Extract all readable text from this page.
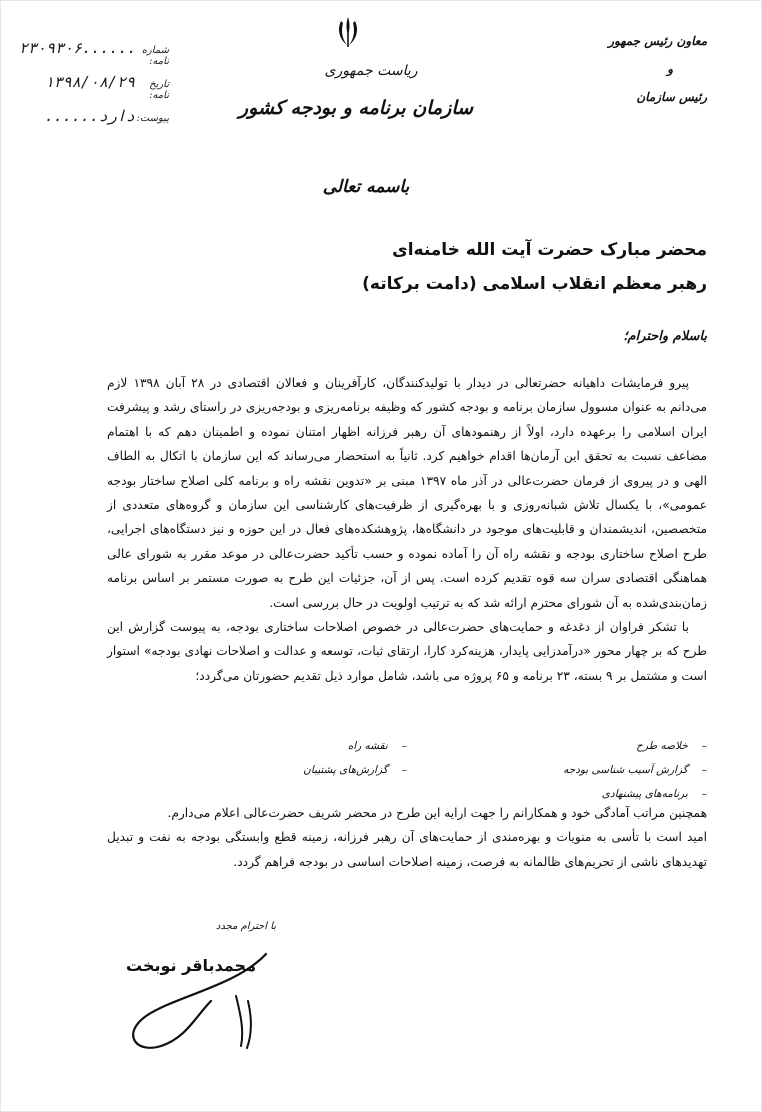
ریاست جمهوری
سازمان برنامه و بودجه کشور
شماره نامه:
۲۳۰۹۳۰۶......
تاریخ نامه:
۱۳۹۸/۰۸/۲۹
پیوست:
......دارد
معاون رئیس جمهور
و
رئیس سازمان
باسمه تعالی
محضر مبارک حضرت آیت الله خامنه‌ای
رهبر معظم انقلاب اسلامی (دامت برکاته)
باسلام واحترام؛

پیرو فرمایشات داهیانه حضرتعالی در دیدار با تولیدکنندگان، کارآفرینان و فعالان اقتصادی در ۲۸ آبان ۱۳۹۸ لازم می‌دانم به عنوان مسوول سازمان برنامه و بودجه کشور که وظیفه برنامه‌ریزی و بودجه‌ریزی در راستای رشد و پیشرفت ایران اسلامی را برعهده دارد، اولاً از رهنمودهای آن رهبر فرزانه اظهار امتنان نموده و اطمینان دهم که با اهتمام مضاعف نسبت به تحقق این آرمان‌ها اقدام خواهیم کرد. ثانیاً به استحضار می‌رساند که این سازمان با اتکال به الطاف الهی و در پیروی از فرمان حضرت‌عالی در آذر ماه ۱۳۹۷ مبنی بر «تدوین نقشه راه و برنامه کلی اصلاح ساختار بودجه عمومی»، با یکسال تلاش شبانه‌روزی و با بهره‌گیری از ظرفیت‌های کارشناسی این سازمان و گروه‌های متعددی از متخصصین، اندیشمندان و قابلیت‌های موجود در دانشگاه‌ها، پژوهشکده‌های فعال در این حوزه و نیز دستگاه‌های اجرایی، طرح اصلاح ساختاری بودجه و نقشه راه آن را آماده نموده و حسب تأکید حضرت‌عالی در موعد مقرر به شورای عالی هماهنگی اقتصادی سران سه قوه تقدیم کرده است. پس از آن، جزئیات این طرح به صورت مستمر بر اساس برنامه زمان‌بندی‌شده به آن شورای محترم ارائه شد که به ترتیب اولویت در حال بررسی است.

با تشکر فراوان از دغدغه و حمایت‌های حضرت‌عالی در خصوص اصلاحات ساختاری بودجه، به پیوست گزارش این طرح که بر چهار محور «درآمدزایی پایدار، هزینه‌کرد کارا، ارتقای ثبات، توسعه و عدالت و اصلاحات نهادی بودجه» استوار است و مشتمل بر ۹ بسته، ۲۳ برنامه و ۶۵ پروژه می باشد، شامل موارد ذیل تقدیم حضورتان می‌گردد؛

–
خلاصه طرح
–
نقشه راه
–
گزارش آسیب شناسی بودجه
–
گزارش‌های پشتیبان
–
برنامه‌های پیشنهادی

همچنین مراتب آمادگی خود و همکارانم را جهت ارایه این طرح در محضر شریف حضرت‌عالی اعلام می‌دارم.

امید است با تأسی به منویات و بهره‌مندی از حمایت‌های آن رهبر فرزانه، زمینه قطع وابستگی بودجه به نفت و تبدیل تهدیدهای ناشی از تحریم‌های ظالمانه به فرصت، زمینه اصلاحات اساسی در بودجه فراهم گردد.

با احترام مجدد
محمدباقر نوبخت
